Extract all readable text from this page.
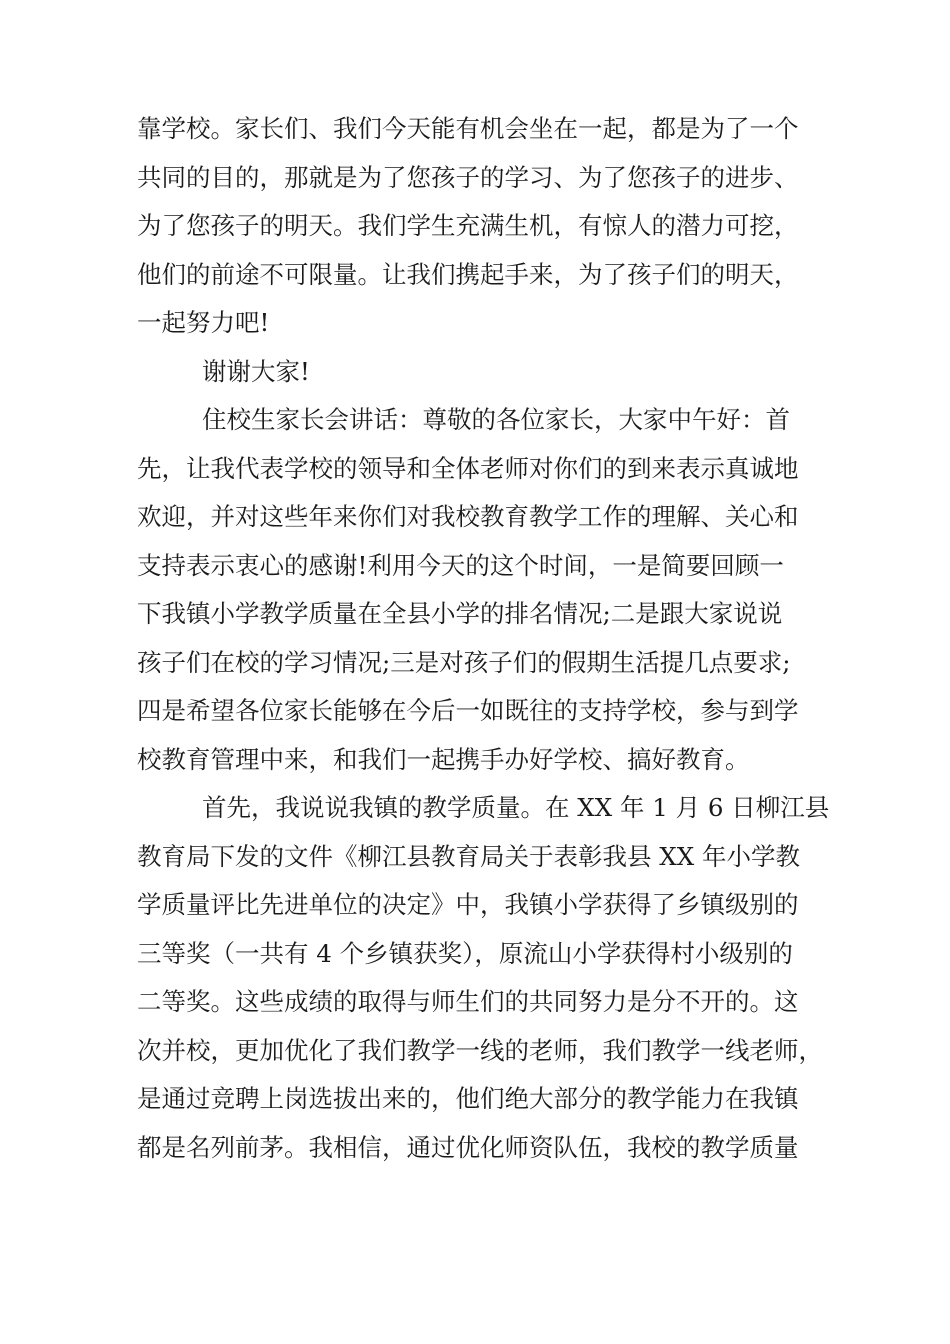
靠学校。家长们、我们今天能有机会坐在一起，都是为了一个
共同的目的，那就是为了您孩子的学习、为了您孩子的进步、
为了您孩子的明天。我们学生充满生机，有惊人的潜力可挖，
他们的前途不可限量。让我们携起手来，为了孩子们的明天，
一起努力吧!
谢谢大家!
住校生家长会讲话：尊敬的各位家长，大家中午好：首
先，让我代表学校的领导和全体老师对你们的到来表示真诚地
欢迎，并对这些年来你们对我校教育教学工作的理解、关心和
支持表示衷心的感谢!利用今天的这个时间，一是简要回顾一
下我镇小学教学质量在全县小学的排名情况;二是跟大家说说
孩子们在校的学习情况;三是对孩子们的假期生活提几点要求;
四是希望各位家长能够在今后一如既往的支持学校，参与到学
校教育管理中来，和我们一起携手办好学校、搞好教育。
首先，我说说我镇的教学质量。在 XX 年 1 月 6 日柳江县
教育局下发的文件《柳江县教育局关于表彰我县 XX 年小学教
学质量评比先进单位的决定》中，我镇小学获得了乡镇级别的
三等奖（一共有 4 个乡镇获奖），原流山小学获得村小级别的
二等奖。这些成绩的取得与师生们的共同努力是分不开的。这
次并校，更加优化了我们教学一线的老师，我们教学一线老师，
是通过竞聘上岗选拔出来的，他们绝大部分的教学能力在我镇
都是名列前茅。我相信，通过优化师资队伍，我校的教学质量
